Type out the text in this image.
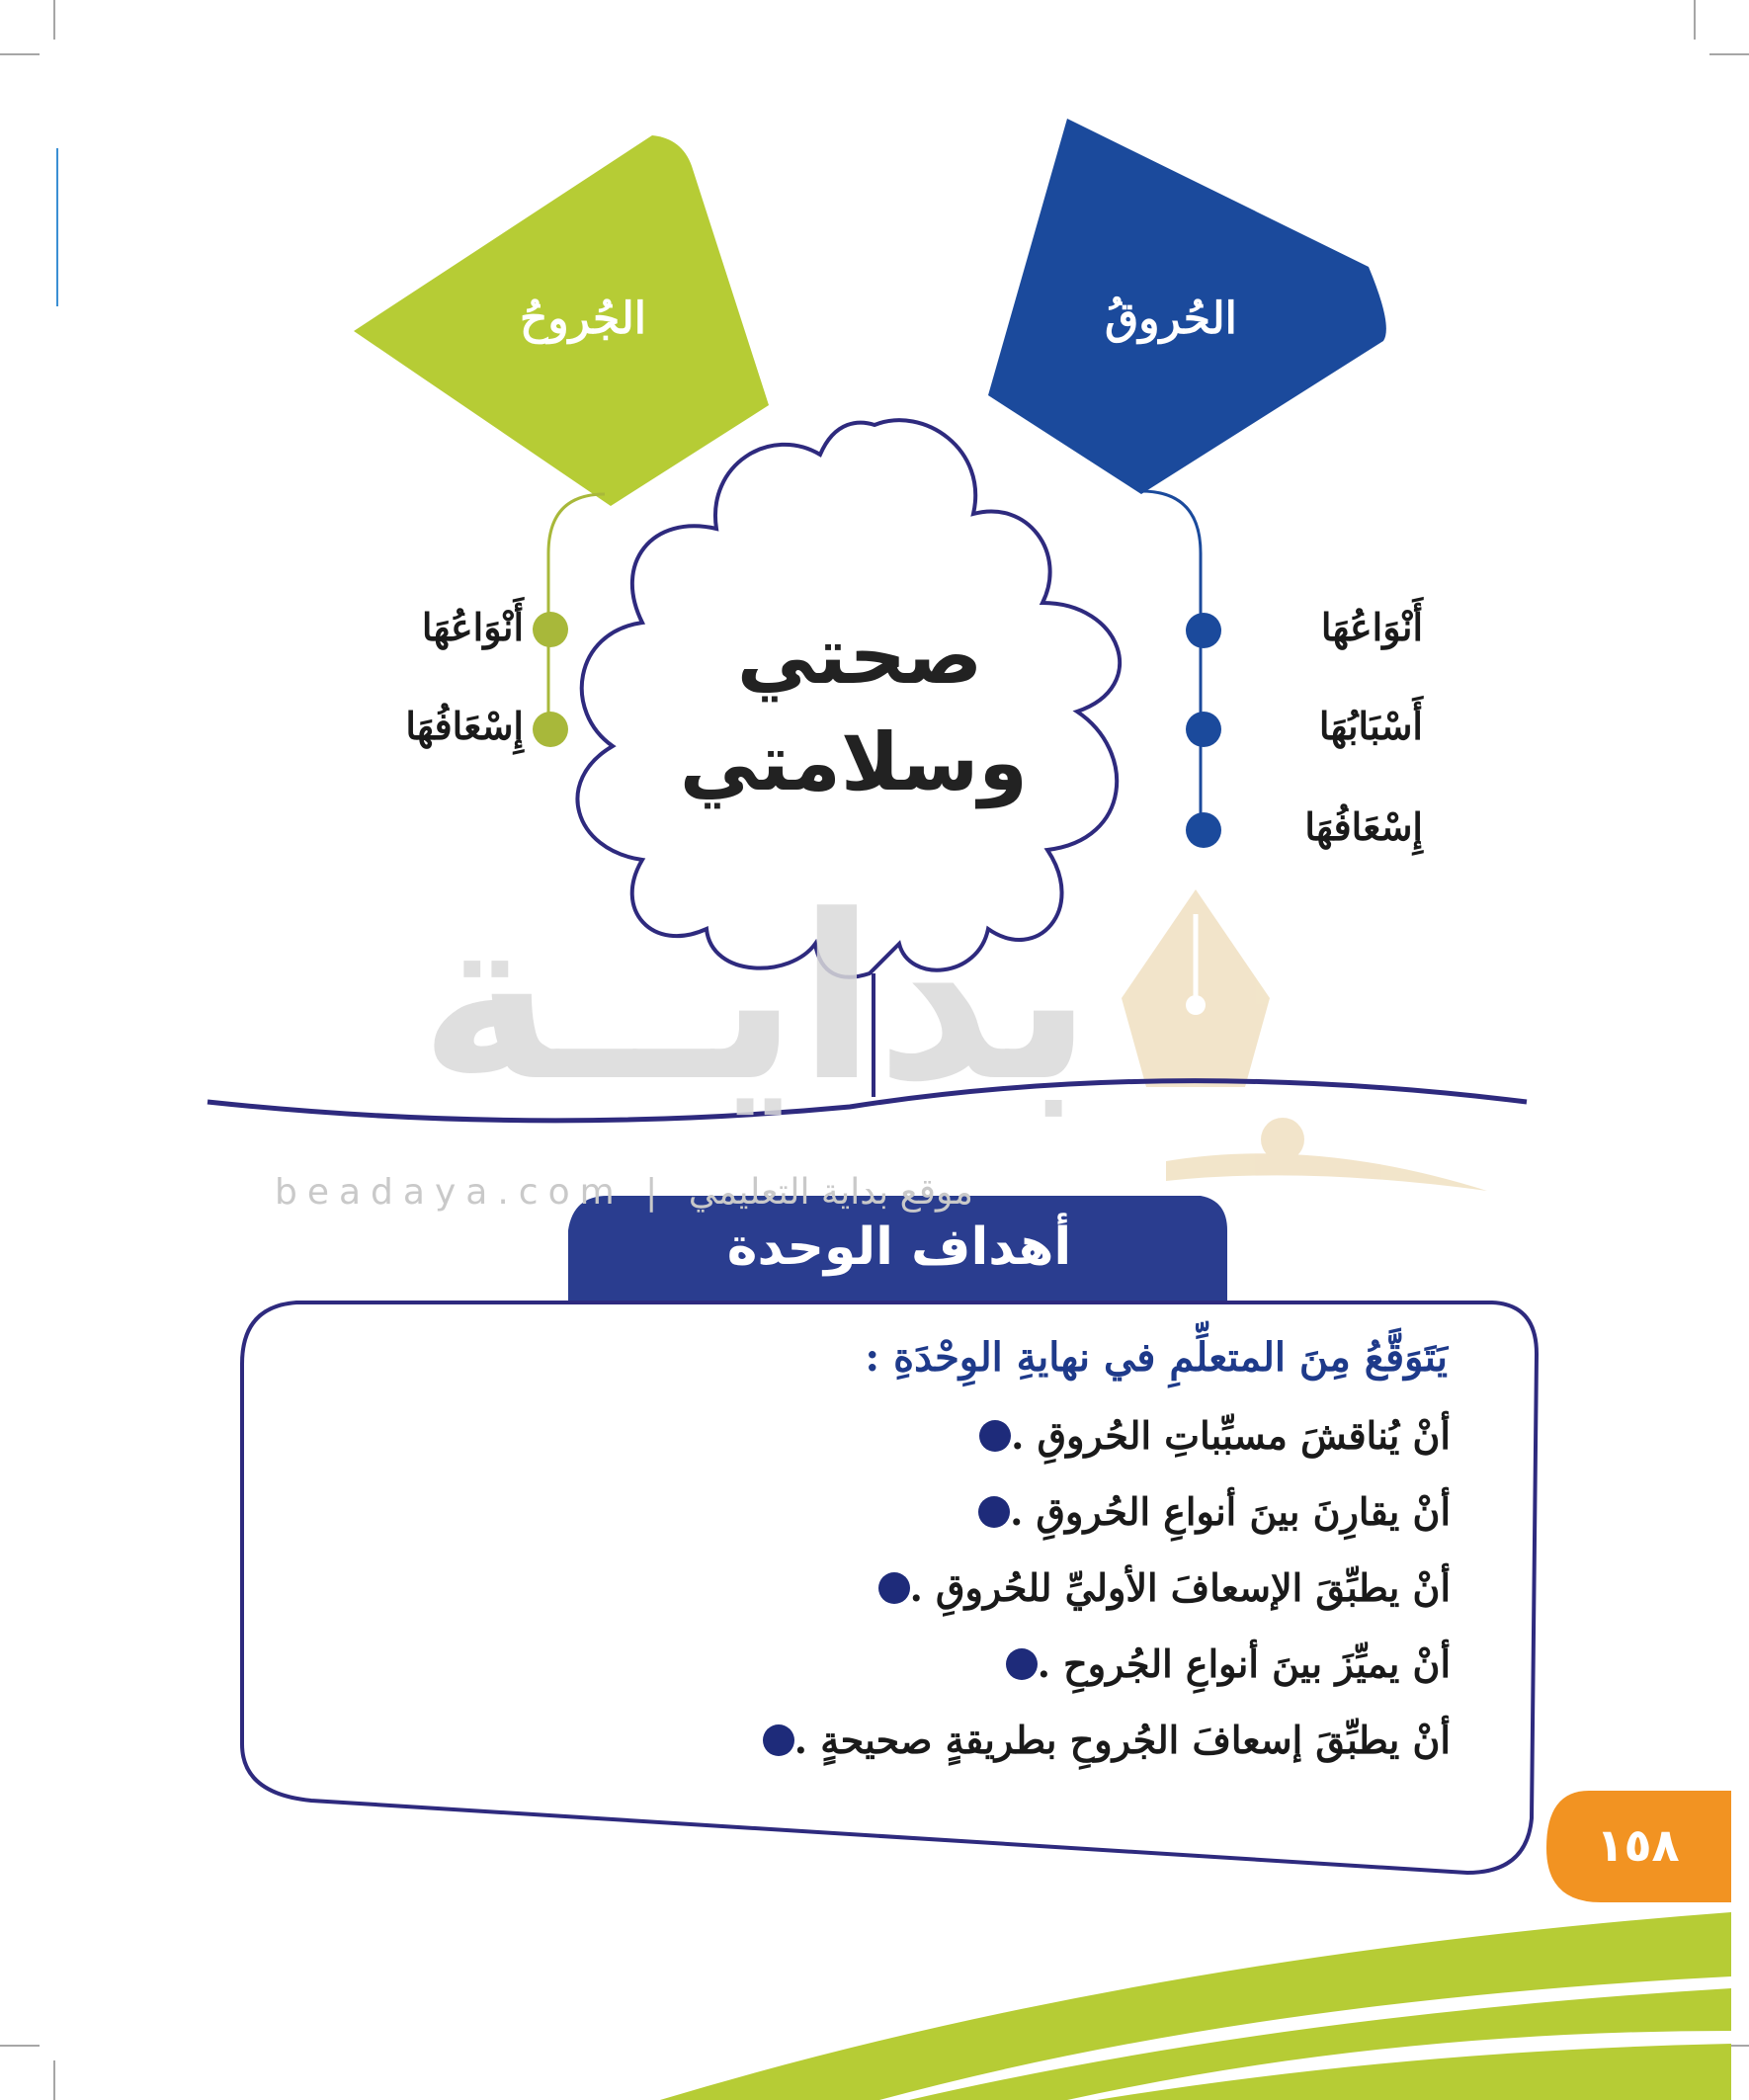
بدايــة
beadaya.com | موقع بداية التعليمي
الحُروقُ
الجُروحُ
صحتي
وسلامتي
أَنْوَاعُهَا
أَسْبَابُهَا
إِسْعَافُهَا
أَنْوَاعُهَا
إِسْعَافُهَا
أهداف الوحدة
يَتَوَقَّعُ مِنَ المتعلِّمِ في نهايةِ الوِحْدَةِ :
أنْ يُناقشَ مسبِّباتِ الحُروقِ .
أنْ يقارِنَ بينَ أنواعِ الحُروقِ .
أنْ يطبِّقَ الإسعافَ الأوليِّ للحُروقِ .
أنْ يميِّزَ بينَ أنواعِ الجُروحِ .
أنْ يطبِّقَ إسعافَ الجُروحِ بطريقةٍ صحيحةٍ .
١٥٨
